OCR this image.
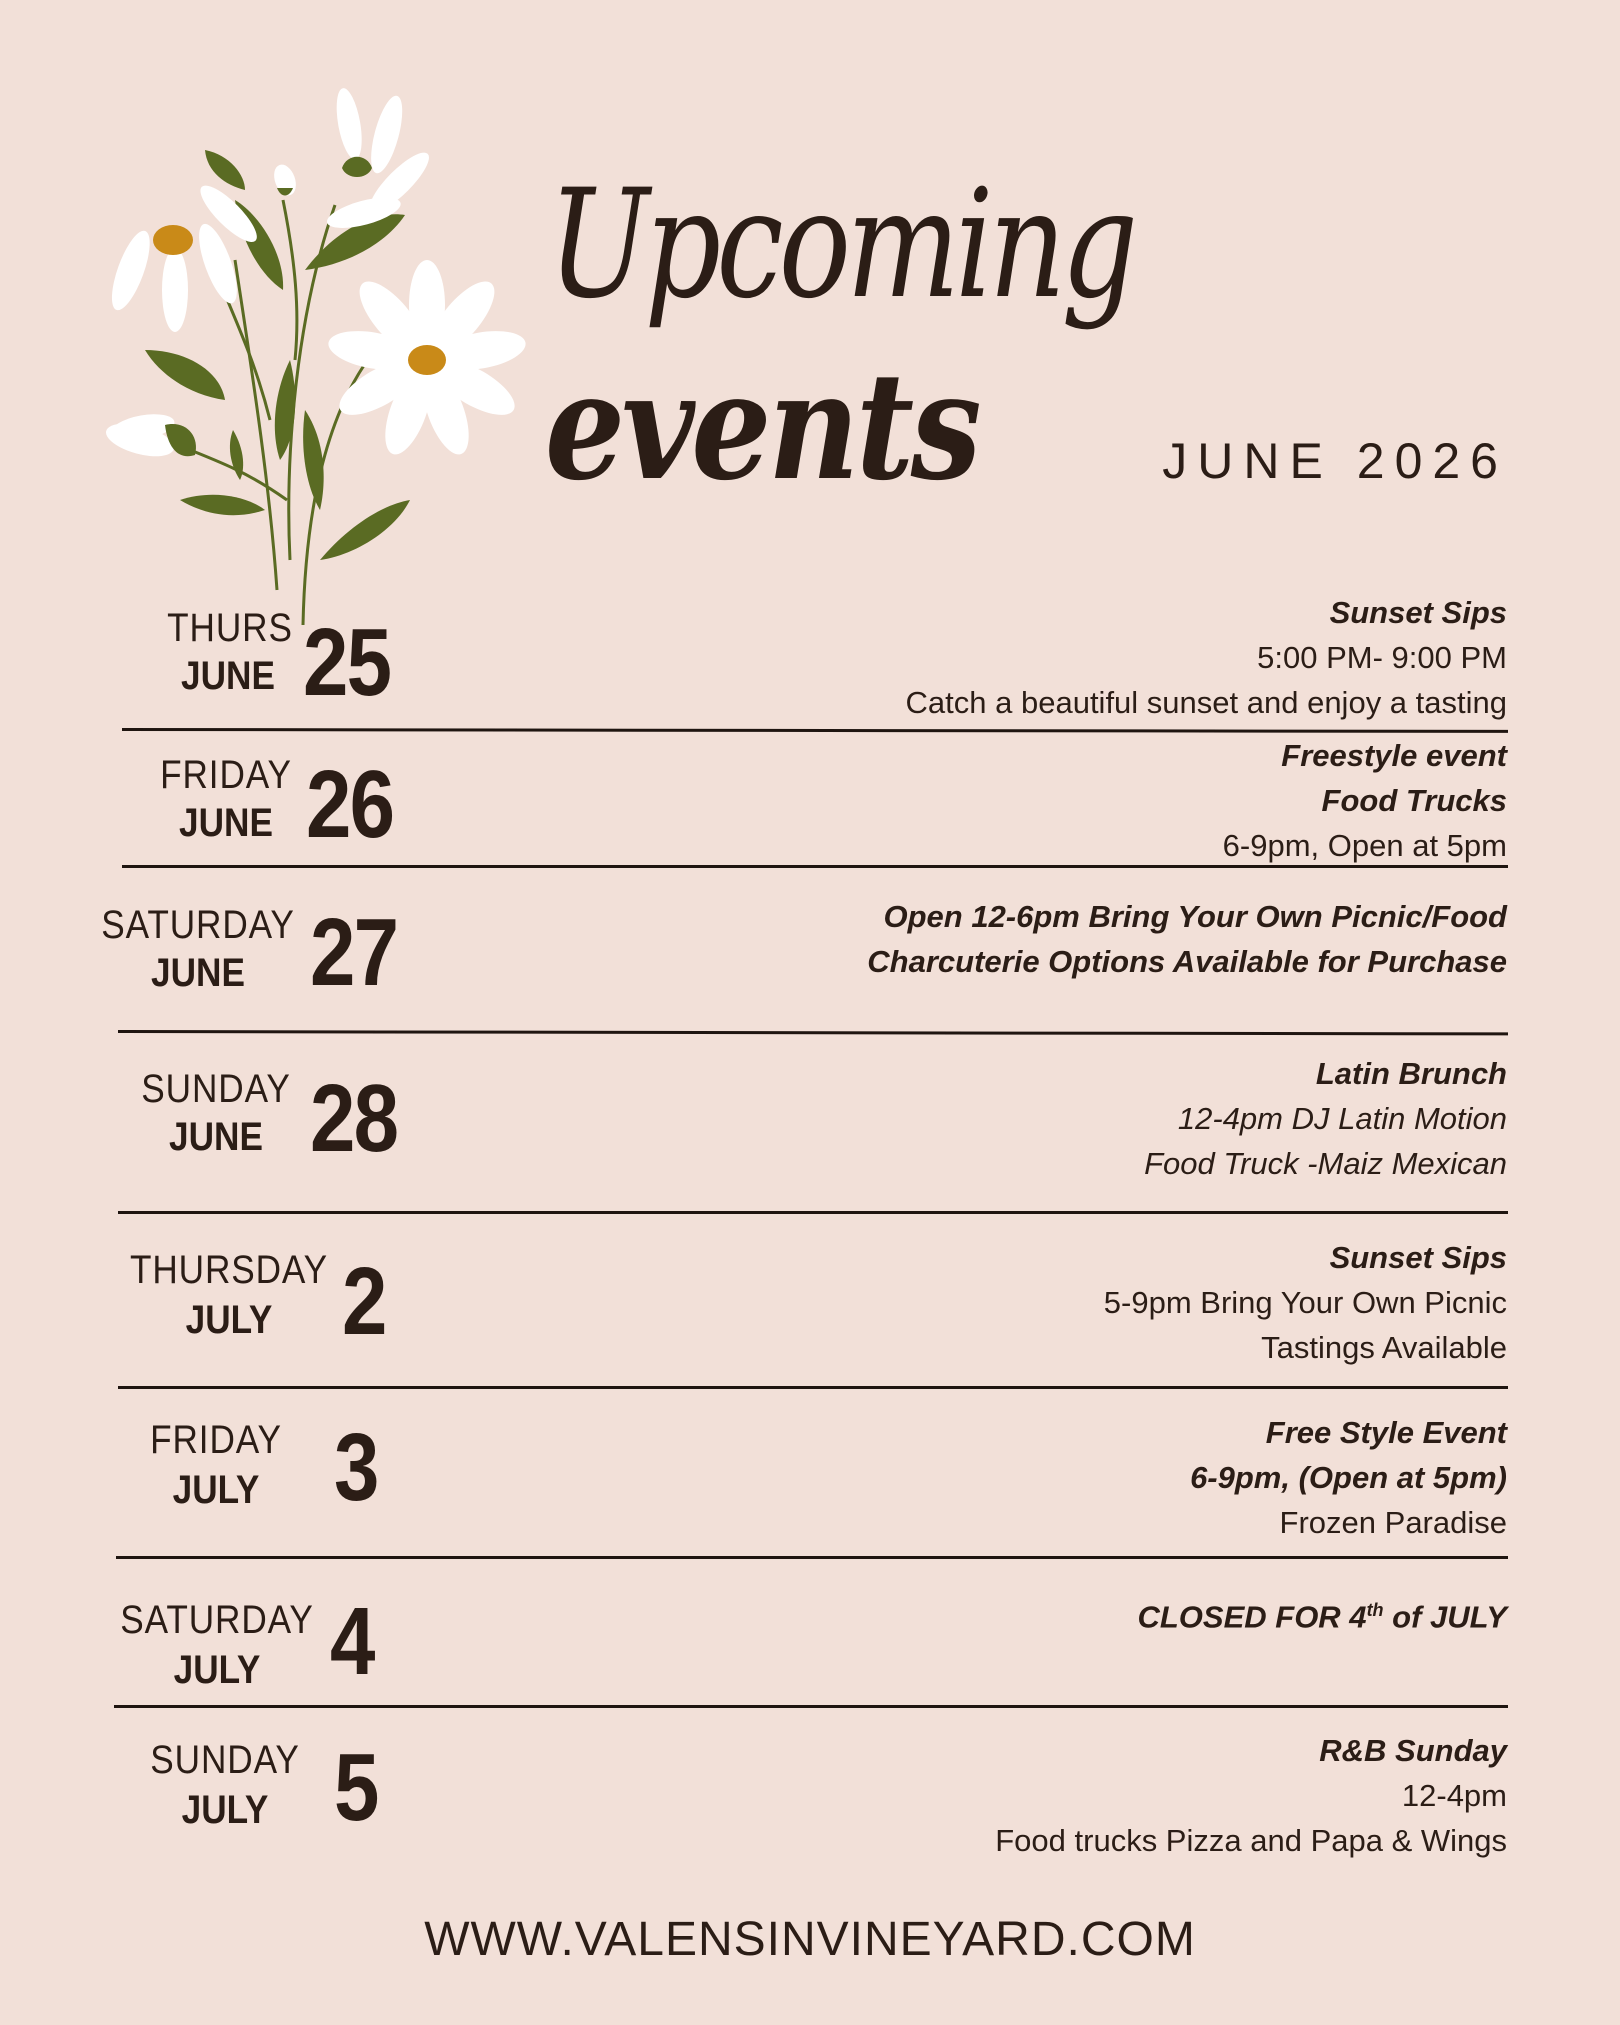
Upcoming
events	JUNE 2026
THURS
JUNE 25	Sunset Sips
5:00 PM- 9:00 PM
Catch a beautiful sunset and enjoy a tasting
FRIDAY
JUNE 26	Freestyle event
Food Trucks
6-9pm, Open at 5pm
SATURDAY
JUNE 27	Open 12-6pm Bring Your Own Picnic/Food
Charcuterie Options Available for Purchase
SUNDAY
JUNE 28	Latin Brunch
12-4pm DJ Latin Motion
Food Truck -Maiz Mexican
THURSDAY
JULY 2	Sunset Sips
5-9pm Bring Your Own Picnic
Tastings Available
FRIDAY
JULY 3	Free Style Event
6-9pm, (Open at 5pm)
Frozen Paradise
SATURDAY
JULY 4	CLOSED FOR 4th of JULY
SUNDAY
JULY 5	R&B Sunday
12-4pm
Food trucks Pizza and Papa & Wings
WWW.VALENSINVINEYARD.COM
